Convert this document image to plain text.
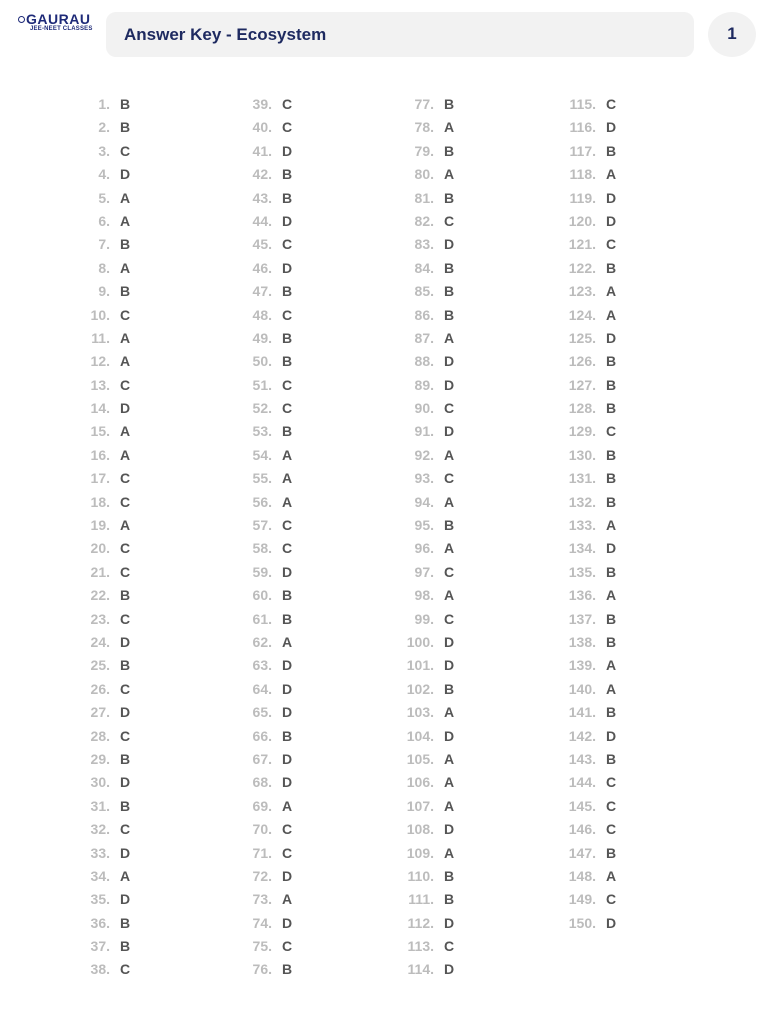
GAURAU
JEE-NEET CLASSES Answer Key - Ecosystem	1
1. B
2. B
3. C
4. D
5. A
6. A
7. B
8. A
9. B
10. C
11. A
12. A
13. C
14. D
15. A
16. A
17. C
18. C
19. A
20. C
21. C
22. B
23. C
24. D
25. B
26. C
27. D
28. C
29. B
30. D
31. B
32. C
33. D
34. A
35. D
36. B
37. B
38. C
39. C
40. C
41. D
42. B
43. B
44. D
45. C
46. D
47. B
48. C
49. B
50. B
51. C
52. C
53. B
54. A
55. A
56. A
57. C
58. C
59. D
60. B
61. B
62. A
63. D
64. D
65. D
66. B
67. D
68. D
69. A
70. C
71. C
72. D
73. A
74. D
75. C
76. B
77. B
78. A
79. B
80. A
81. B
82. C
83. D
84. B
85. B
86. B
87. A
88. D
89. D
90. C
91. D
92. A
93. C
94. A
95. B
96. A
97. C
98. A
99. C
100. D
101. D
102. B
103. A
104. D
105. A
106. A
107. A
108. D
109. A
110. B
111. B
112. D
113. C
114. D
115. C
116. D
117. B
118. A
119. D
120. D
121. C
122. B
123. A
124. A
125. D
126. B
127. B
128. B
129. C
130. B
131. B
132. B
133. A
134. D
135. B
136. A
137. B
138. B
139. A
140. A
141. B
142. D
143. B
144. C
145. C
146. C
147. B
148. A
149. C
150. D
